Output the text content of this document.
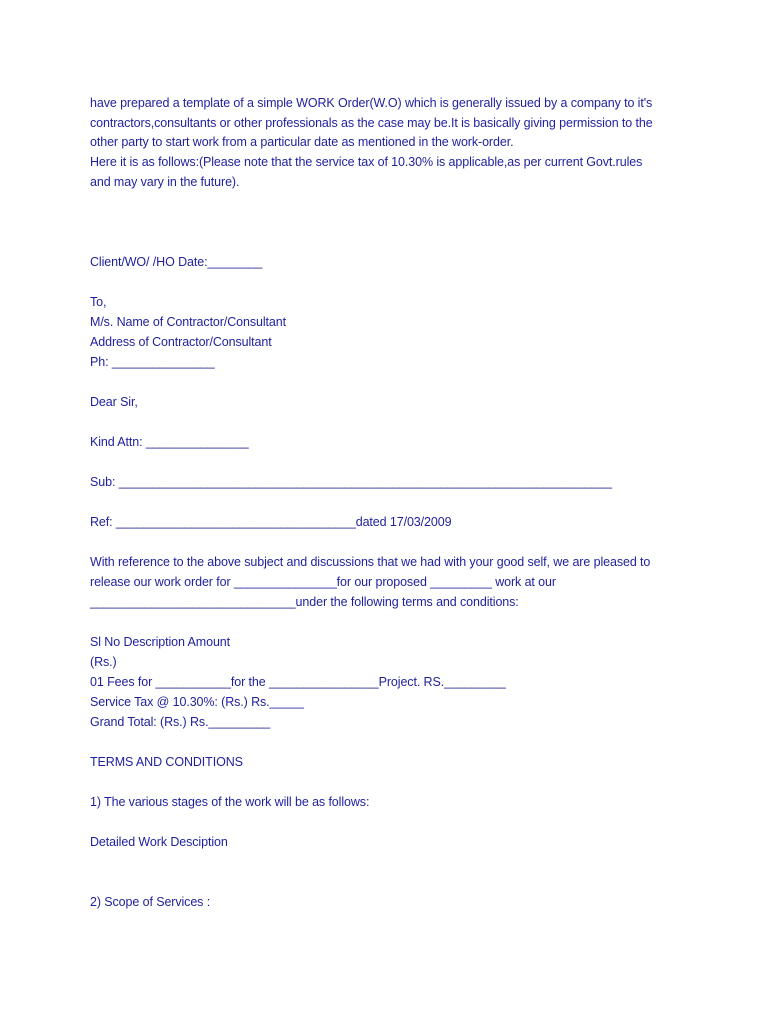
have prepared a template of a simple WORK Order(W.O) which is generally issued by a company to it's
contractors,consultants or other professionals as the case may be.It is basically giving permission to the
other party to start work from a particular date as mentioned in the work-order.
Here it is as follows:(Please note that the service tax of 10.30% is applicable,as per current Govt.rules
and may vary in the future).
Client/WO/ /HO Date:________
To,
M/s. Name of Contractor/Consultant
Address of Contractor/Consultant
Ph: _______________
Dear Sir,
Kind Attn: _______________
Sub: ________________________________________________________________________
Ref: ___________________________________dated 17/03/2009
With reference to the above subject and discussions that we had with your good self, we are pleased to
release our work order for _______________for our proposed _________ work at our
______________________________under the following terms and conditions:
Sl No Description Amount
(Rs.)
01 Fees for ___________for the ________________Project. RS._________
Service Tax @ 10.30%: (Rs.) Rs._____
Grand Total: (Rs.) Rs._________
TERMS AND CONDITIONS
1) The various stages of the work will be as follows:
Detailed Work Desciption
2) Scope of Services :
